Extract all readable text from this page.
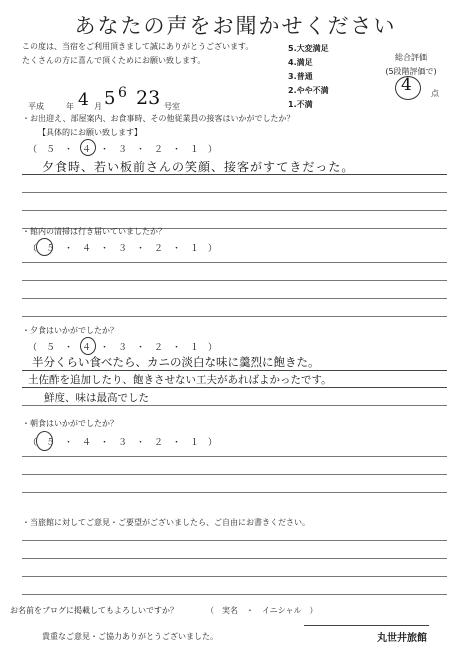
あなたの声をお聞かせください
この度は、当宿をご利用頂きまして誠にありがとうございます。
たくさんの方に喜んで頂くためにお願い致します。
5.大変満足
4.満足
3.普通
2.やや不満
1.不満
総合評価
(5段階評価で)
4 点
平成	年 4 月 5 6 23 号室
・お出迎え、部屋案内、お食事時、その他従業員の接客はいかがでしたか？
【具体的にお願い致します】
（　５　・　４　・　３　・　２　・　１　）
夕食時、若い板前さんの笑顔、接客がすてきだった。
・館内の清掃は行き届いていましたか？
（　５　・　４　・　３　・　２　・　１　）
・夕食はいかがでしたか？
（　５　・　４　・　３　・　２　・　１　）
半分くらい食べたら、カニの淡白な味に羹烈に飽きた。
土佐酢を追加したり、飽きさせない工夫があればよかったです。
鮮度、味は最高でした
・朝食はいかがでしたか？
（　５　・　４　・　３　・　２　・　１　）
・当旅館に対してご意見・ご要望がございましたら、ご自由にお書きください。
お名前をブログに掲載してもよろしいですか？	（　実名　・　イニシャル　）
貴重なご意見・ご協力ありがとうございました。	丸世井旅館
